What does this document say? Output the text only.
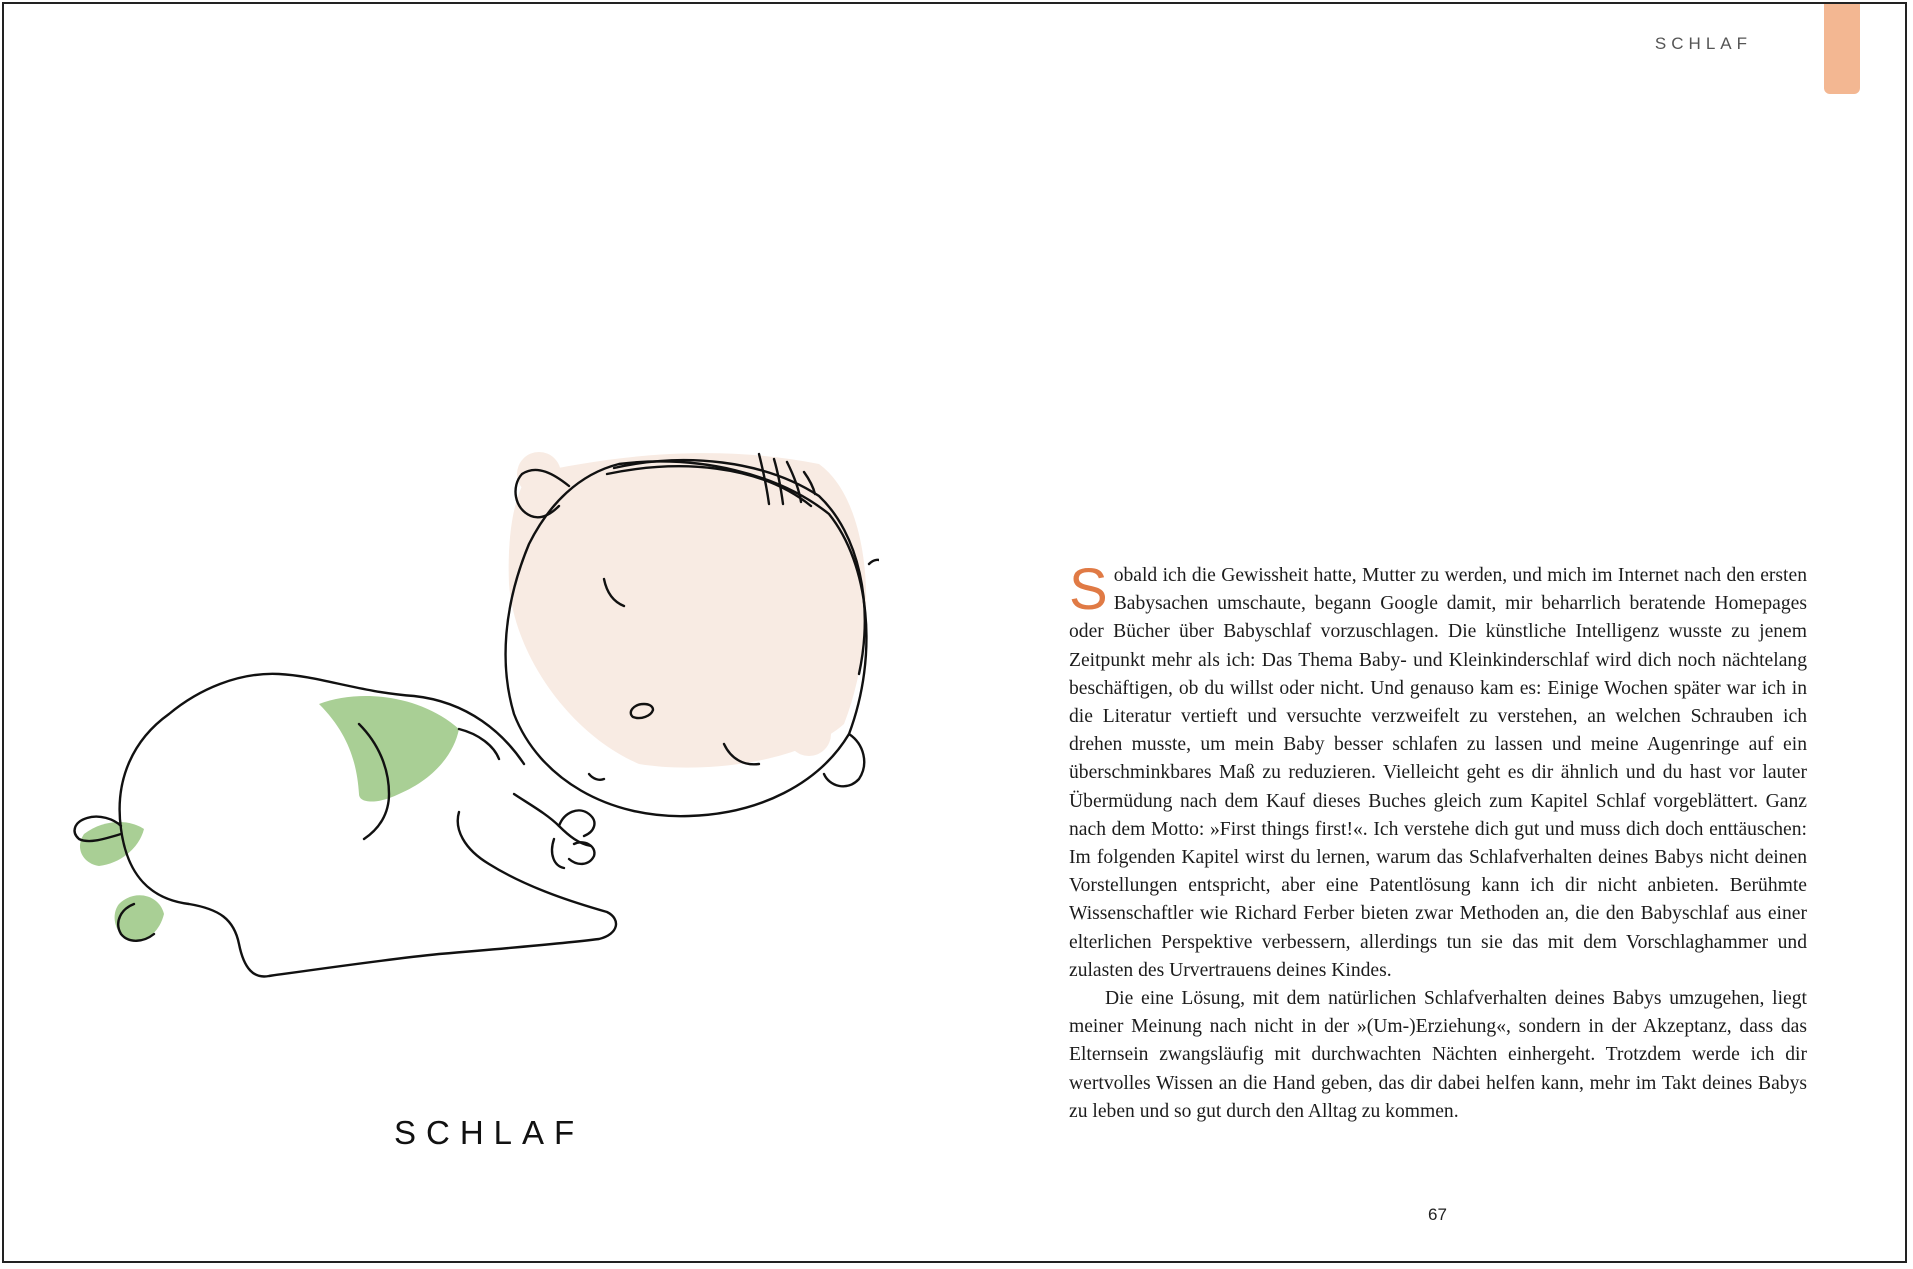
SCHLAF
SCHLAF

Sobald ich die Gewissheit hatte, Mutter zu werden, und mich im Internet nach den ersten Babysachen umschaute, begann Google damit, mir beharrlich beratende Homepages oder Bücher über Babyschlaf vorzuschlagen. Die künstliche Intelligenz wusste zu jenem Zeitpunkt mehr als ich: Das Thema Baby- und Kleinkinderschlaf wird dich noch nächtelang beschäftigen, ob du willst oder nicht. Und genauso kam es: Einige Wochen später war ich in die Literatur vertieft und versuchte verzweifelt zu verstehen, an welchen Schrauben ich drehen musste, um mein Baby besser schlafen zu lassen und meine Augenringe auf ein überschminkbares Maß zu reduzieren. Vielleicht geht es dir ähnlich und du hast vor lauter Übermüdung nach dem Kauf dieses Buches gleich zum Kapitel Schlaf vorgeblättert. Ganz nach dem Motto: »First things first!«. Ich verstehe dich gut und muss dich doch enttäuschen: Im folgenden Kapitel wirst du lernen, warum das Schlafverhalten deines Babys nicht deinen Vorstellungen entspricht, aber eine Patentlösung kann ich dir nicht anbieten. Berühmte Wissenschaftler wie Richard Ferber bieten zwar Methoden an, die den Babyschlaf aus einer elterlichen Perspektive verbessern, allerdings tun sie das mit dem Vorschlaghammer und zulasten des Urvertrauens deines Kindes.

Die eine Lösung, mit dem natürlichen Schlafverhalten deines Babys umzugehen, liegt meiner Meinung nach nicht in der »(Um-)Erziehung«, sondern in der Akzeptanz, dass das Elternsein zwangsläufig mit durchwachten Nächten einhergeht. Trotzdem werde ich dir wertvolles Wissen an die Hand geben, das dir dabei helfen kann, mehr im Takt deines Babys zu leben und so gut durch den Alltag zu kommen.

67
